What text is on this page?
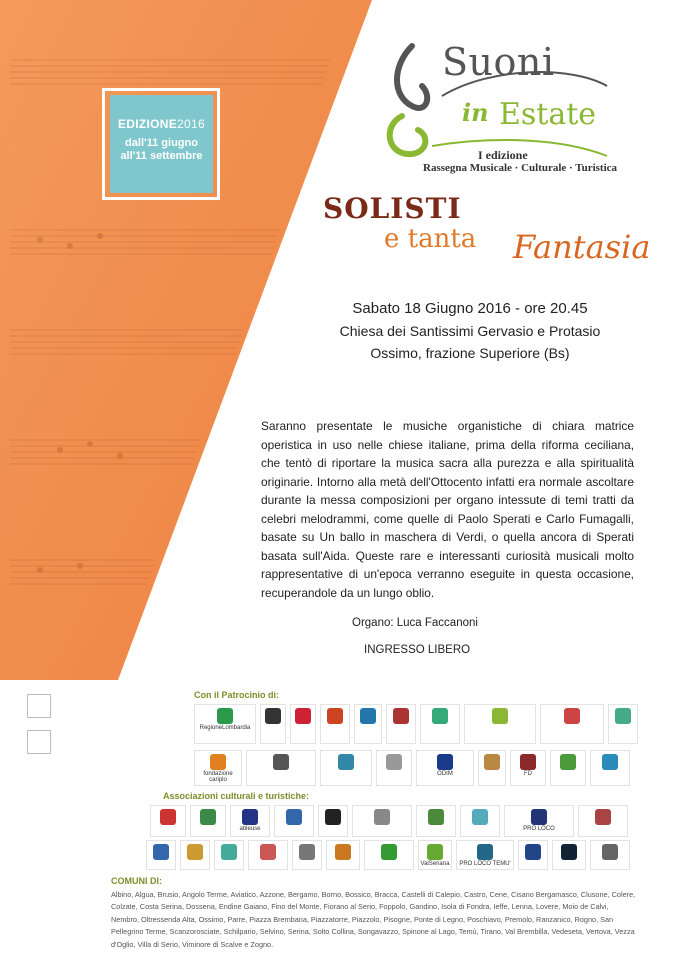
EDIZIONE2016
dall'11 giugno
all'11 settembre
Suoni
in Estate
I edizione
Rassegna Musicale · Culturale · Turistica
SOLISTI
e tanta Fantasia
Sabato 18 Giugno 2016 - ore 20.45
Chiesa dei Santissimi Gervasio e Protasio
Ossimo, frazione Superiore (Bs)
Saranno presentate le musiche organistiche di chiara matrice operistica in uso nelle chiese italiane, prima della riforma ceciliana, che tentò di riportare la musica sacra alla purezza e alla spiritualità originarie. Intorno alla metà dell'Ottocento infatti era normale ascoltare durante la messa composizioni per organo intessute di temi tratti da celebri melodrammi, come quelle di Paolo Sperati e Carlo Fumagalli, basate su Un ballo in maschera di Verdi, o quella ancora di Sperati basata sull'Aida. Queste rare e interessanti curiosità musicali molto rappresentative di un'epoca verranno eseguite in questa occasione, recuperandole da un lungo oblio.
Organo: Luca Faccanoni
INGRESSO LIBERO
Rassegna Musicale-Culturale Suoni in Estate
Associazione Culturale "Al Chiaro di Luna"
Cercaci su Instagram #suoniinestate2016
Con il Patrocinio di:
RegioneLombardia
fondazione cariplo
ODIM	FD
Associazioni culturali e turistiche:
ableuse	PRO LOCO
ValSeriana	PRO LOCO TEMU'
COMUNI DI:
Albino, Algua, Brusio, Angolo Terme, Aviatico, Azzone, Bergamo, Borno, Bossico, Bracca, Castelli di Calepio, Castro, Cene, Cisano Bergamasco, Clusone, Colere, Colzate, Costa Serina, Dossena, Endine Gaiano, Fino del Monte, Fiorano al Serio, Foppolo, Gandino, Isola di Fondra, Ieffe, Lenna, Lovere, Moio de Calvi, Nembro, Oltressenda Alta, Ossimo, Parre, Piazza Brembana, Piazzatorre, Piazzolo, Pisogne, Ponte di Legno, Poschiavo, Premolo, Ranzanico, Rogno, San Pellegrino Terme, Scanzorosciate, Schilpario, Selvino, Serina, Solto Collina, Songavazzo, Spinone al Lago, Temù, Tirano, Val Brembilla, Vedeseta, Vertova, Vezza d'Oglio, Villa di Serio, Viminore di Scalve e Zogno.
